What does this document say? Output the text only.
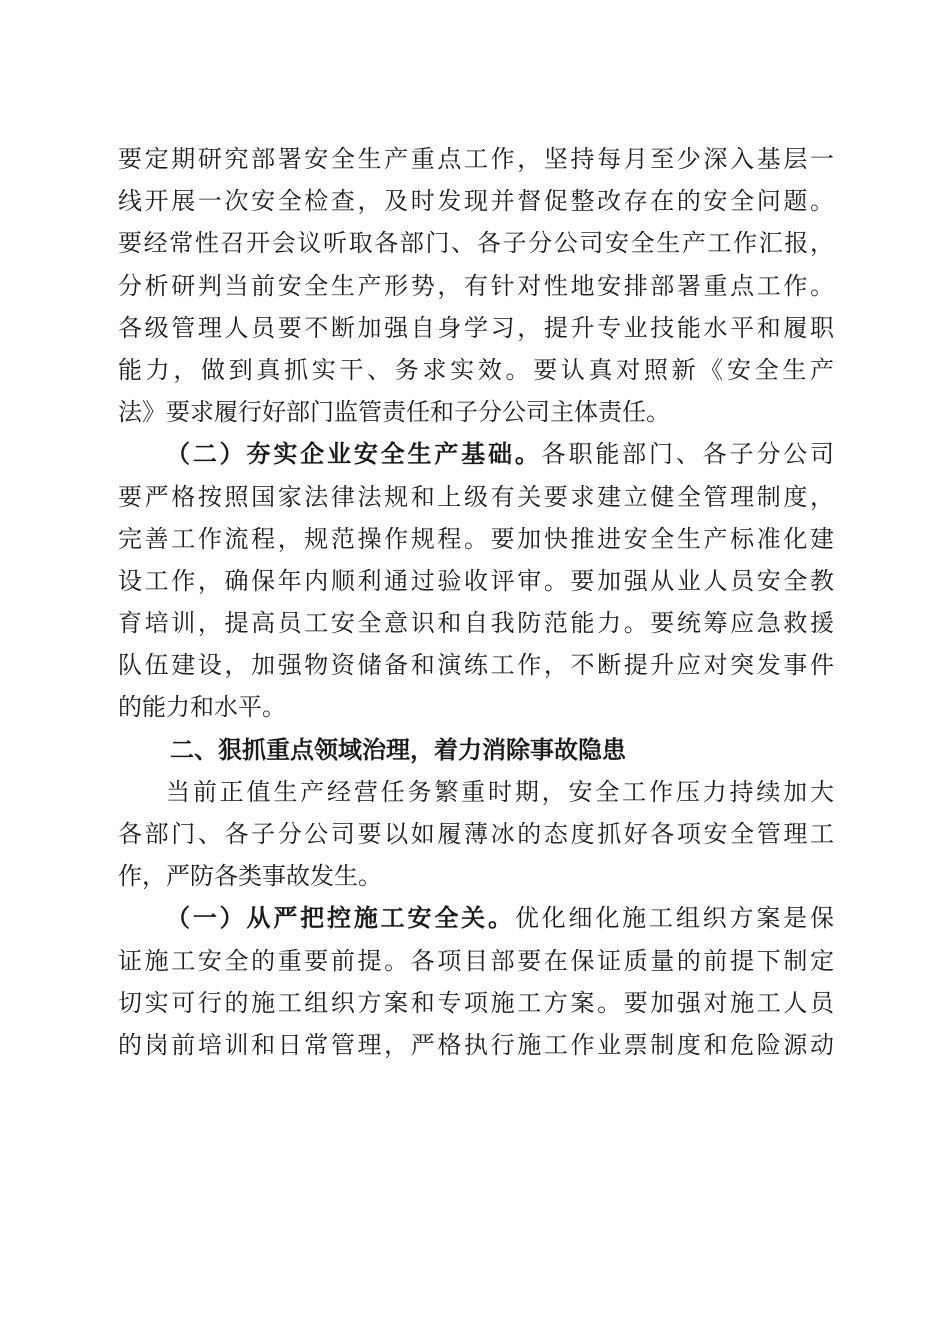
要定期研究部署安全生产重点工作，坚持每月至少深入基层一
线开展一次安全检查，及时发现并督促整改存在的安全问题。
要经常性召开会议听取各部门、各子分公司安全生产工作汇报，
分析研判当前安全生产形势，有针对性地安排部署重点工作。
各级管理人员要不断加强自身学习，提升专业技能水平和履职
能力，做到真抓实干、务求实效。要认真对照新《安全生产
法》要求履行好部门监管责任和子分公司主体责任。
（二）夯实企业安全生产基础。各职能部门、各子分公司
要严格按照国家法律法规和上级有关要求建立健全管理制度，
完善工作流程，规范操作规程。要加快推进安全生产标准化建
设工作，确保年内顺利通过验收评审。要加强从业人员安全教
育培训，提高员工安全意识和自我防范能力。要统筹应急救援
队伍建设，加强物资储备和演练工作，不断提升应对突发事件
的能力和水平。
二、狠抓重点领域治理，着力消除事故隐患
当前正值生产经营任务繁重时期，安全工作压力持续加大
各部门、各子分公司要以如履薄冰的态度抓好各项安全管理工
作，严防各类事故发生。
（一）从严把控施工安全关。优化细化施工组织方案是保
证施工安全的重要前提。各项目部要在保证质量的前提下制定
切实可行的施工组织方案和专项施工方案。要加强对施工人员
的岗前培训和日常管理，严格执行施工作业票制度和危险源动
